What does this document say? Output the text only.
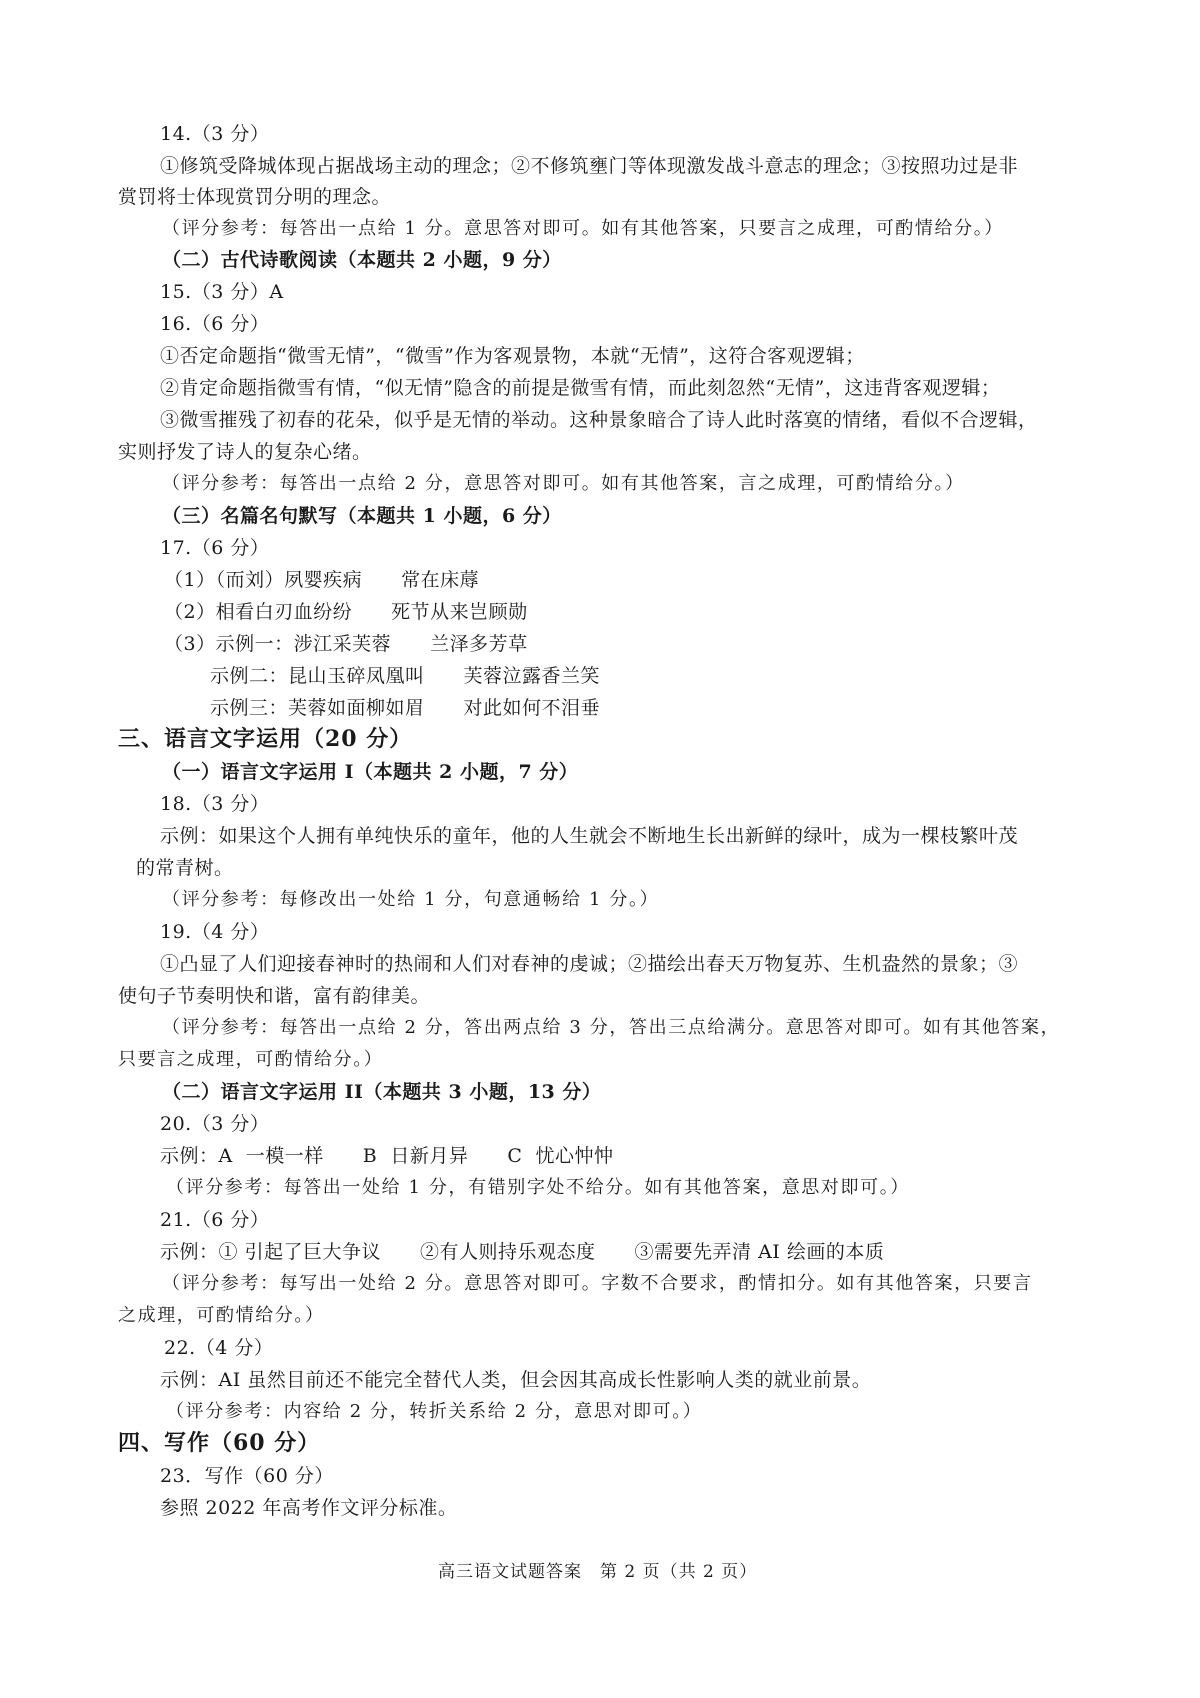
14.（3 分）
①修筑受降城体现占据战场主动的理念；②不修筑壅门等体现激发战斗意志的理念；③按照功过是非
赏罚将士体现赏罚分明的理念。
（评分参考：每答出一点给 1 分。意思答对即可。如有其他答案，只要言之成理，可酌情给分。）
（二）古代诗歌阅读（本题共 2 小题，9 分）
15.（3 分）A
16.（6 分）
①否定命题指“微雪无情”，“微雪”作为客观景物，本就“无情”，这符合客观逻辑；
②肯定命题指微雪有情，“似无情”隐含的前提是微雪有情，而此刻忽然“无情”，这违背客观逻辑；
③微雪摧残了初春的花朵，似乎是无情的举动。这种景象暗合了诗人此时落寞的情绪，看似不合逻辑，
实则抒发了诗人的复杂心绪。
（评分参考：每答出一点给 2 分，意思答对即可。如有其他答案，言之成理，可酌情给分。）
（三）名篇名句默写（本题共 1 小题，6 分）
17.（6 分）
（1）（而刘）夙婴疾病　　常在床蓐
（2）相看白刃血纷纷　　死节从来岂顾勋
（3）示例一：涉江采芙蓉　　兰泽多芳草
示例二：昆山玉碎凤凰叫　　芙蓉泣露香兰笑
示例三：芙蓉如面柳如眉　　对此如何不泪垂
三、语言文字运用（20 分）
（一）语言文字运用 I（本题共 2 小题，7 分）
18.（3 分）
示例：如果这个人拥有单纯快乐的童年，他的人生就会不断地生长出新鲜的绿叶，成为一棵枝繁叶茂
的常青树。
（评分参考：每修改出一处给 1 分，句意通畅给 1 分。）
19.（4 分）
①凸显了人们迎接春神时的热闹和人们对春神的虔诚；②描绘出春天万物复苏、生机盎然的景象；③
使句子节奏明快和谐，富有韵律美。
（评分参考：每答出一点给 2 分，答出两点给 3 分，答出三点给满分。意思答对即可。如有其他答案，
只要言之成理，可酌情给分。）
（二）语言文字运用 II（本题共 3 小题，13 分）
20.（3 分）
示例：A  一模一样　　B  日新月异　　C  忧心忡忡
（评分参考：每答出一处给 1 分，有错别字处不给分。如有其他答案，意思对即可。）
21.（6 分）
示例：① 引起了巨大争议　　②有人则持乐观态度　　③需要先弄清 AI 绘画的本质
（评分参考：每写出一处给 2 分。意思答对即可。字数不合要求，酌情扣分。如有其他答案，只要言
之成理，可酌情给分。）
22.（4 分）
示例：AI 虽然目前还不能完全替代人类，但会因其高成长性影响人类的就业前景。
（评分参考：内容给 2 分，转折关系给 2 分，意思对即可。）
四、写作（60 分）
23．写作（60 分）
参照 2022 年高考作文评分标准。
高三语文试题答案　第 2 页（共 2 页）
